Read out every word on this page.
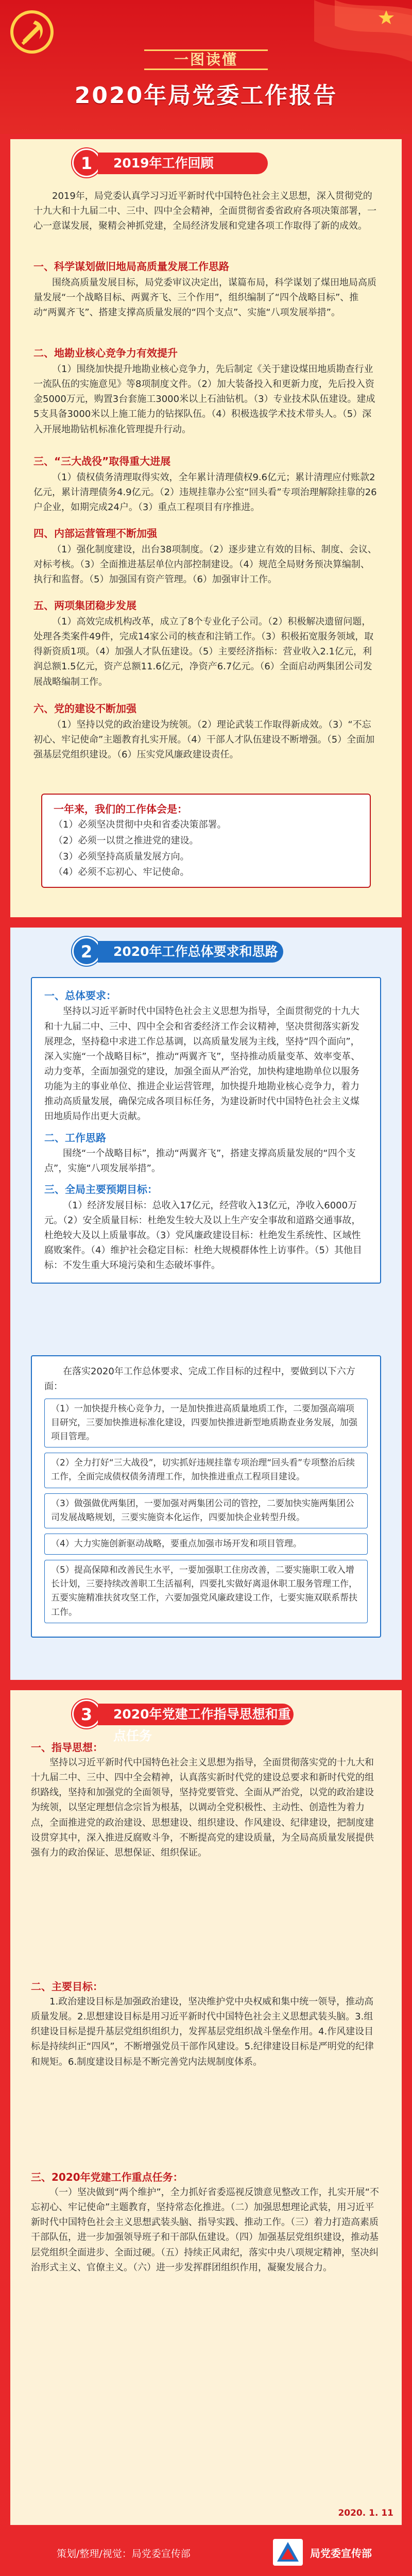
一图读懂
2020年局党委工作报告
1	2019年工作回顾

2019年，局党委认真学习习近平新时代中国特色社会主义思想，深入贯彻党的十九大和十九届二中、三中、四中全会精神，全面贯彻省委省政府各项决策部署，一心一意谋发展，聚精会神抓党建，全局经济发展和党建各项工作取得了新的成效。

一、科学谋划做旧地局高质量发展工作思路

围绕高质量发展目标，局党委审议决定出，谋篇布局，科学谋划了煤田地局高质量发展“一个战略目标、两翼齐飞、三个作用”，组织编制了“四个战略目标”、推动“两翼齐飞”、搭建支撑高质量发展的“四个支点”、实施“八项发展举措”。

二、地勘业核心竞争力有效提升

（1）围绕加快提升地勘业核心竞争力，先后制定《关于建设煤田地质勘查行业一流队伍的实施意见》等8项制度文件。（2）加大装备投入和更新力度，先后投入资金5000万元，购置3台套施工3000米以上石油钻机。（3）专业技术队伍建设。建成5支具备3000米以上施工能力的钻探队伍。（4）积极选拔学术技术带头人。（5）深入开展地勘钻机标准化管理提升行动。

三、“三大战役”取得重大进展

（1）债权债务清理取得实效，全年累计清理债权9.6亿元；累计清理应付账款2亿元，累计清理债务4.9亿元。（2）违规挂靠办公室“回头看”专项治理解除挂靠的26户企业，如期完成24户。（3）重点工程项目有序推进。

四、内部运营管理不断加强

（1）强化制度建设，出台38项制度。（2）逐步建立有效的目标、制度、会议、对标考核。（3）全面推进基层单位内部控制建设。（4）规范全局财务预决算编制、执行和监督。（5）加强国有资产管理。（6）加强审计工作。

五、两项集团稳步发展

（1）高效完成机构改革，成立了8个专业化子公司。（2）积极解决遗留问题，处理各类案件49件，完成14家公司的核查和注销工作。（3）积极拓宽服务领域，取得新资质1项。（4）加强人才队伍建设。（5）主要经济指标：营业收入2.1亿元，利润总额1.5亿元，资产总额11.6亿元，净资产6.7亿元。（6）全面启动两集团公司发展战略编制工作。

六、党的建设不断加强

（1）坚持以党的政治建设为统领。（2）理论武装工作取得新成效。（3）“不忘初心、牢记使命”主题教育扎实开展。（4）干部人才队伍建设不断增强。（5）全面加强基层党组织建设。（6）压实党风廉政建设责任。

一年来，我们的工作体会是：
（1）必须坚决贯彻中央和省委决策部署。
（2）必须一以贯之推进党的建设。
（3）必须坚持高质量发展方向。
（4）必须不忘初心、牢记使命。
2	2020年工作总体要求和思路
一、总体要求：

坚持以习近平新时代中国特色社会主义思想为指导，全面贯彻党的十九大和十九届二中、三中、四中全会和省委经济工作会议精神，坚决贯彻落实新发展理念，坚持稳中求进工作总基调，以高质量发展为主线，坚持“四个面向”，深入实施“一个战略目标”，推动“两翼齐飞”，坚持推动质量变革、效率变革、动力变革，全面加强党的建设，加强全面从严治党，加快构建地勘单位以服务功能为主的事业单位、推进企业运营管理，加快提升地勘业核心竞争力，着力推动高质量发展，确保完成各项目标任务，为建设新时代中国特色社会主义煤田地质局作出更大贡献。

二、工作思路

围绕“一个战略目标”，推动“两翼齐飞”，搭建支撑高质量发展的“四个支点”，实施“八项发展举措”。

三、全局主要预期目标：

（1）经济发展目标：总收入17亿元，经营收入13亿元，净收入6000万元。（2）安全质量目标：杜绝发生较大及以上生产安全事故和道路交通事故，杜绝较大及以上质量事故。（3）党风廉政建设目标：杜绝发生系统性、区域性腐败案件。（4）维护社会稳定目标：杜绝大规模群体性上访事件。（5）其他目标：不发生重大环境污染和生态破坏事件。

在落实2020年工作总体要求、完成工作目标的过程中，要做到以下六方面：

（1）一加快提升核心竞争力，一是加快推进高质量地质工作，二要加强高端项目研究，三要加快推进标准化建设，四要加快推进新型地质勘查业务发展，加强项目管理。
（2）全力打好“三大战役”，切实抓好违规挂靠专项治理“回头看”专项整治后续工作，全面完成债权债务清理工作，加快推进重点工程项目建设。
（3）做强做优两集团，一要加强对两集团公司的管控，二要加快实施两集团公司发展战略规划，三要实施资本化运作，四要加快企业转型升级。
（4）大力实施创新驱动战略，要重点加强市场开发和项目管理。
（5）提高保障和改善民生水平，一要加强职工住房改善，二要实施职工收入增长计划，三要持续改善职工生活福利，四要扎实做好离退休职工服务管理工作，五要实施精准扶贫攻坚工作，六要加强党风廉政建设工作，七要实施双联系帮扶工作。
3	2020年党建工作指导思想和重点任务
一、指导思想：

坚持以习近平新时代中国特色社会主义思想为指导，全面贯彻落实党的十九大和十九届二中、三中、四中全会精神，认真落实新时代党的建设总要求和新时代党的组织路线，坚持和加强党的全面领导，坚持党要管党、全面从严治党，以党的政治建设为统领，以坚定理想信念宗旨为根基，以调动全党积极性、主动性、创造性为着力点，全面推进党的政治建设、思想建设、组织建设、作风建设、纪律建设，把制度建设贯穿其中，深入推进反腐败斗争，不断提高党的建设质量，为全局高质量发展提供强有力的政治保证、思想保证、组织保证。

二、主要目标：

1.政治建设目标是加强政治建设，坚决维护党中央权威和集中统一领导，推动高质量发展。2.思想建设目标是用习近平新时代中国特色社会主义思想武装头脑。3.组织建设目标是提升基层党组织组织力，发挥基层党组织战斗堡垒作用。4.作风建设目标是持续纠正“四风”，不断增强党员干部作风建设。5.纪律建设目标是严明党的纪律和规矩。6.制度建设目标是不断完善党内法规制度体系。

三、2020年党建工作重点任务：

（一）坚决做到“两个维护”，全力抓好省委巡视反馈意见整改工作，扎实开展“不忘初心、牢记使命”主题教育，坚持常态化推进。（二）加强思想理论武装，用习近平新时代中国特色社会主义思想武装头脑、指导实践、推动工作。（三）着力打造高素质干部队伍，进一步加强领导班子和干部队伍建设。（四）加强基层党组织建设，推动基层党组织全面进步、全面过硬。（五）持续正风肃纪，落实中央八项规定精神，坚决纠治形式主义、官僚主义。（六）进一步发挥群团组织作用，凝聚发展合力。

2020. 1. 11
策划/整理/视觉：局党委宣传部	局党委宣传部
